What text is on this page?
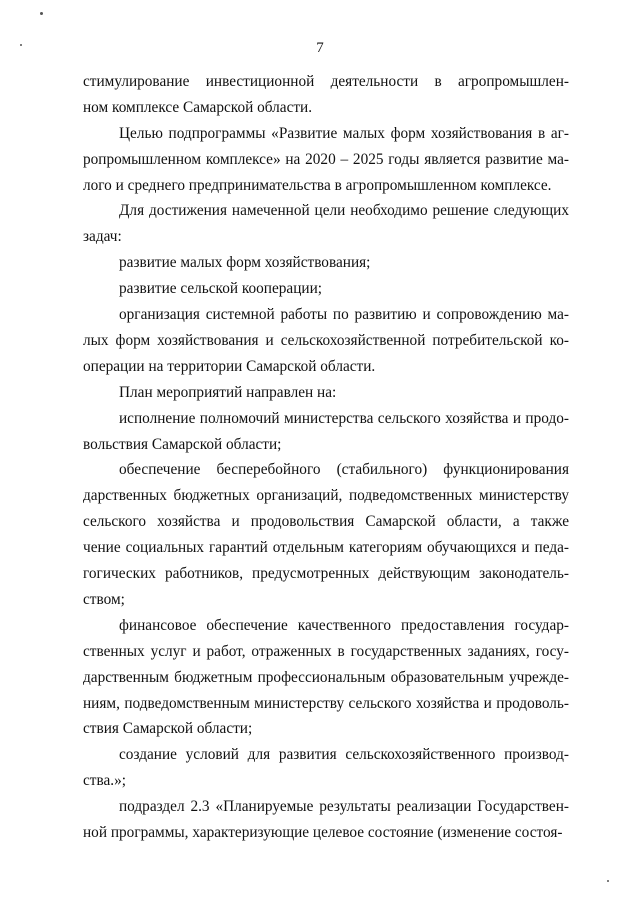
7
стимулирование инвестиционной деятельности в агропромышлен-
ном комплексе Самарской области.
Целью подпрограммы «Развитие малых форм хозяйствования в аг-
ропромышленном комплексе» на 2020 – 2025 годы является развитие ма-
лого и среднего предпринимательства в агропромышленном комплексе.
Для достижения намеченной цели необходимо решение следующих
задач:
развитие малых форм хозяйствования;
развитие сельской кооперации;
организация системной работы по развитию и сопровождению ма-
лых форм хозяйствования и сельскохозяйственной потребительской ко-
операции на территории Самарской области.
План мероприятий направлен на:
исполнение полномочий министерства сельского хозяйства и продо-
вольствия Самарской области;
обеспечение бесперебойного (стабильного) функционирования
дарственных бюджетных организаций, подведомственных министерству
сельского хозяйства и продовольствия Самарской области, а также
чение социальных гарантий отдельным категориям обучающихся и педа-
гогических работников, предусмотренных действующим законодатель-
ством;
финансовое обеспечение качественного предоставления государ-
ственных услуг и работ, отраженных в государственных заданиях, госу-
дарственным бюджетным профессиональным образовательным учрежде-
ниям, подведомственным министерству сельского хозяйства и продоволь-
ствия Самарской области;
создание условий для развития сельскохозяйственного производ-
ства.»;
подраздел 2.3 «Планируемые результаты реализации Государствен-
ной программы, характеризующие целевое состояние (изменение состоя-
